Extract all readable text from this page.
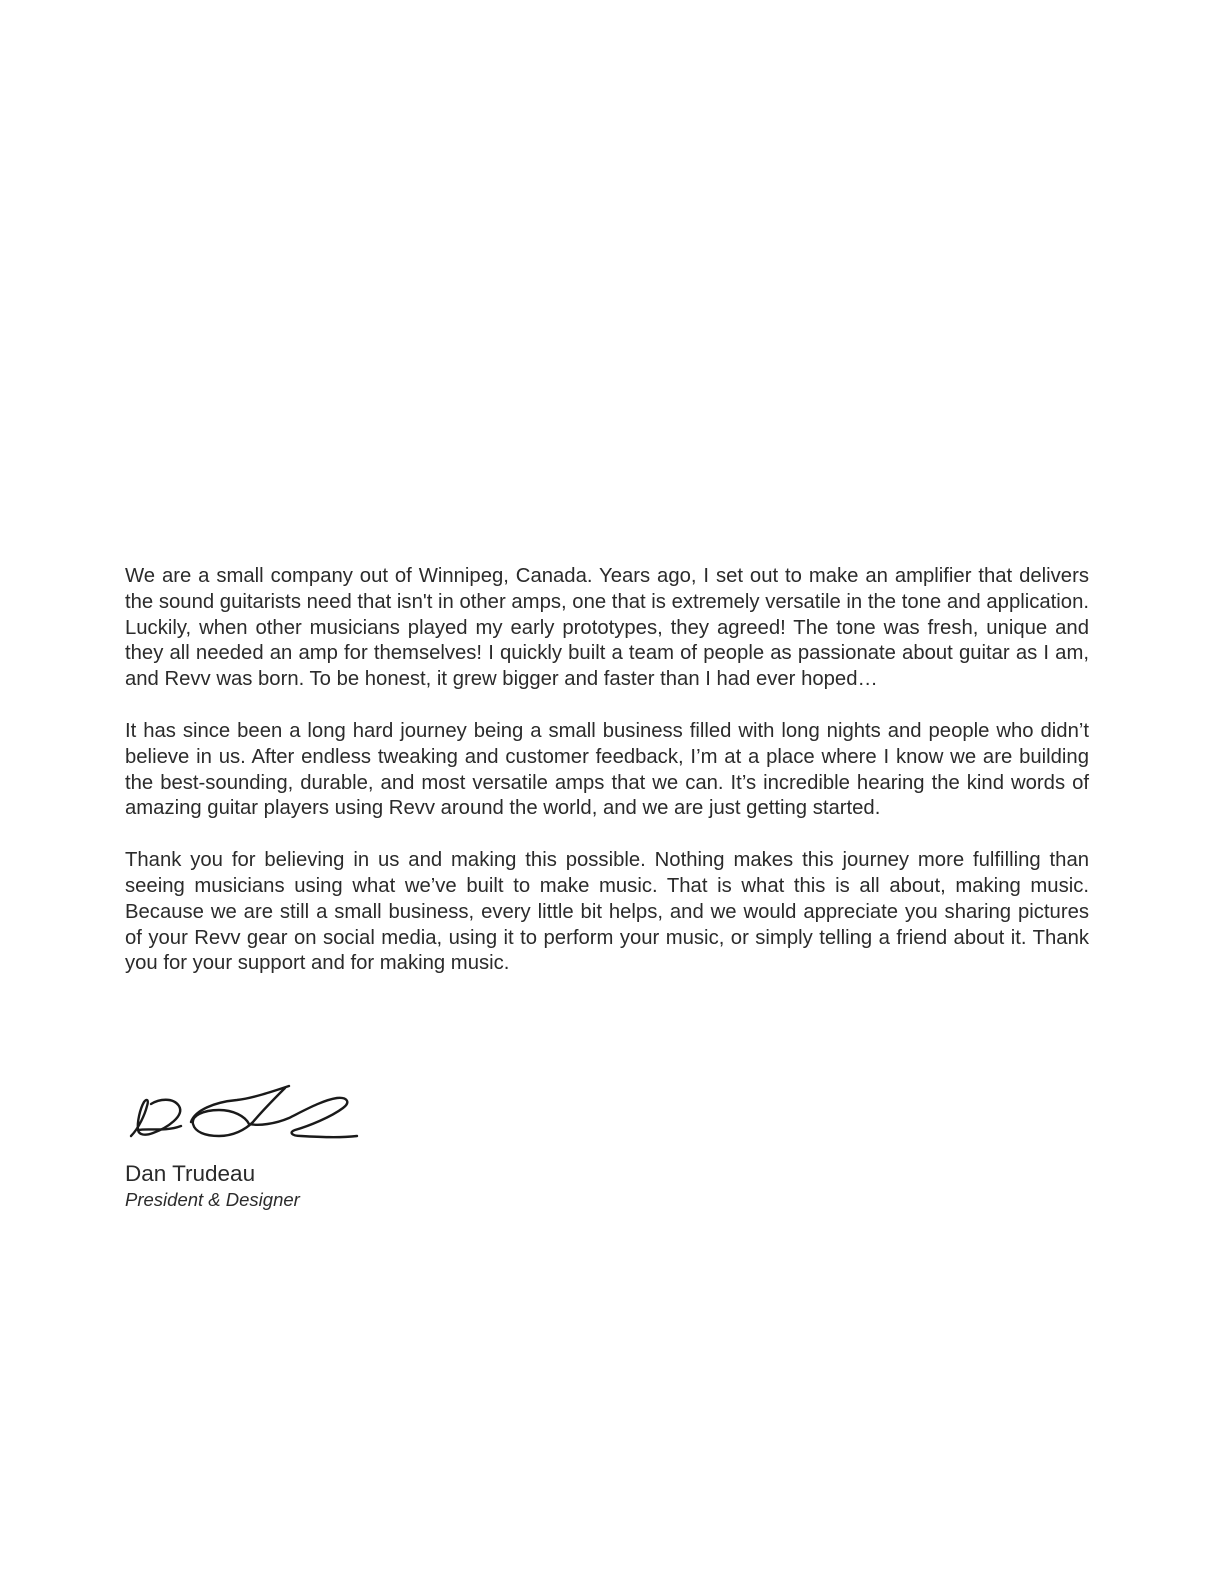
We are a small company out of Winnipeg, Canada. Years ago, I set out to make an amplifier that delivers the sound guitarists need that isn't in other amps, one that is extremely versatile in the tone and application. Luckily, when other musicians played my early prototypes, they agreed! The tone was fresh, unique and they all needed an amp for themselves! I quickly built a team of people as passionate about guitar as I am, and Revv was born. To be honest, it grew bigger and faster than I had ever hoped…

It has since been a long hard journey being a small business filled with long nights and people who didn’t believe in us. After endless tweaking and customer feedback, I’m at a place where I know we are building the best-sounding, durable, and most versatile amps that we can. It’s incredible hearing the kind words of amazing guitar players using Revv around the world, and we are just getting started.

Thank you for believing in us and making this possible. Nothing makes this journey more fulfilling than seeing musicians using what we’ve built to make music. That is what this is all about, making music. Because we are still a small business, every little bit helps, and we would appreciate you sharing pictures of your Revv gear on social media, using it to perform your music, or simply telling a friend about it. Thank you for your support and for making music.

Dan Trudeau
President & Designer
